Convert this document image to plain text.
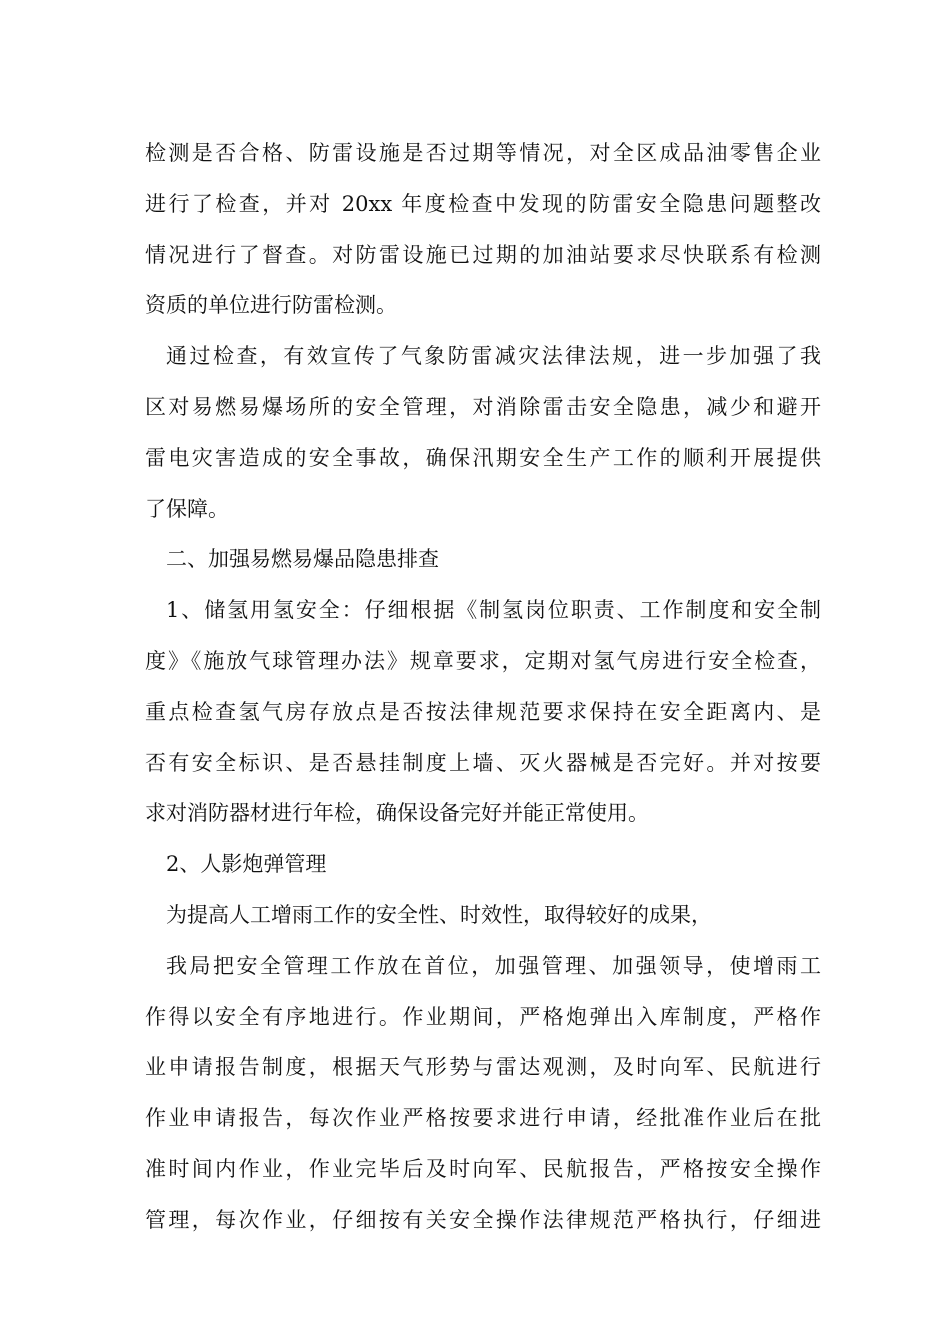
检测是否合格、防雷设施是否过期等情况，对全区成品油零售企业
进行了检查，并对 20xx 年度检查中发现的防雷安全隐患问题整改
情况进行了督查。对防雷设施已过期的加油站要求尽快联系有检测
资质的单位进行防雷检测。
通过检查，有效宣传了气象防雷减灾法律法规，进一步加强了我
区对易燃易爆场所的安全管理，对消除雷击安全隐患，减少和避开
雷电灾害造成的安全事故，确保汛期安全生产工作的顺利开展提供
了保障。
二、加强易燃易爆品隐患排查
1、储氢用氢安全：仔细根据《制氢岗位职责、工作制度和安全制
度》《施放气球管理办法》规章要求，定期对氢气房进行安全检查，
重点检查氢气房存放点是否按法律规范要求保持在安全距离内、是
否有安全标识、是否悬挂制度上墙、灭火器械是否完好。并对按要
求对消防器材进行年检，确保设备完好并能正常使用。
2、人影炮弹管理
为提高人工增雨工作的安全性、时效性，取得较好的成果，
我局把安全管理工作放在首位，加强管理、加强领导，使增雨工
作得以安全有序地进行。作业期间，严格炮弹出入库制度，严格作
业申请报告制度，根据天气形势与雷达观测，及时向军、民航进行
作业申请报告，每次作业严格按要求进行申请，经批准作业后在批
准时间内作业，作业完毕后及时向军、民航报告，严格按安全操作
管理，每次作业，仔细按有关安全操作法律规范严格执行，仔细进
